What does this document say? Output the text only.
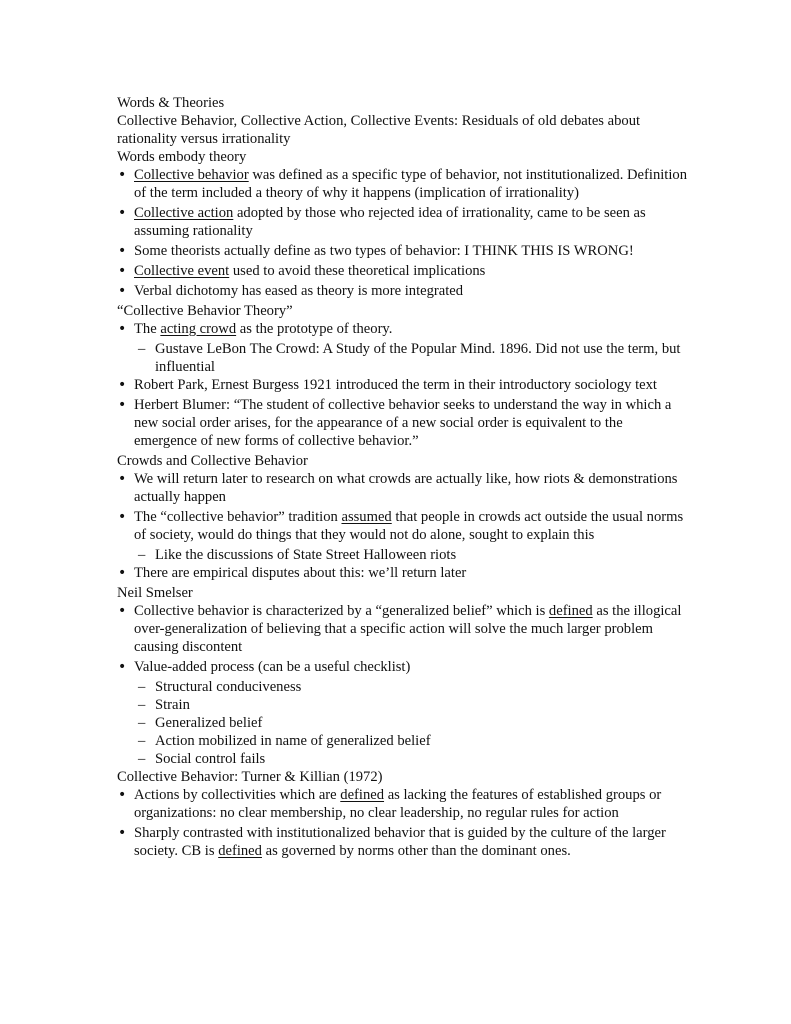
Words & Theories

Collective Behavior, Collective Action, Collective Events: Residuals of old debates about rationality versus irrationality

Words embody theory

• Collective behavior was defined as a specific type of behavior, not institutionalized. Definition of the term included a theory of why it happens (implication of irrationality)
• Collective action adopted by those who rejected idea of irrationality, came to be seen as assuming rationality
• Some theorists actually define as two types of behavior: I THINK THIS IS WRONG!
• Collective event used to avoid these theoretical implications
• Verbal dichotomy has eased as theory is more integrated

“Collective Behavior Theory”

• The acting crowd as the prototype of theory.
– Gustave LeBon The Crowd: A Study of the Popular Mind. 1896. Did not use the term, but influential
• Robert Park, Ernest Burgess 1921 introduced the term in their introductory sociology text
• Herbert Blumer: “The student of collective behavior seeks to understand the way in which a new social order arises, for the appearance of a new social order is equivalent to the emergence of new forms of collective behavior.”

Crowds and Collective Behavior

• We will return later to research on what crowds are actually like, how riots & demonstrations actually happen
• The “collective behavior” tradition assumed that people in crowds act outside the usual norms of society, would do things that they would not do alone, sought to explain this
– Like the discussions of State Street Halloween riots
• There are empirical disputes about this: we’ll return later

Neil Smelser

• Collective behavior is characterized by a “generalized belief” which is defined as the illogical over-generalization of believing that a specific action will solve the much larger problem causing discontent
• Value-added process (can be a useful checklist)
– Structural conduciveness
– Strain
– Generalized belief
– Action mobilized in name of generalized belief
– Social control fails

Collective Behavior: Turner & Killian (1972)

• Actions by collectivities which are defined as lacking the features of established groups or organizations: no clear membership, no clear leadership, no regular rules for action
• Sharply contrasted with institutionalized behavior that is guided by the culture of the larger society. CB is defined as governed by norms other than the dominant ones.
